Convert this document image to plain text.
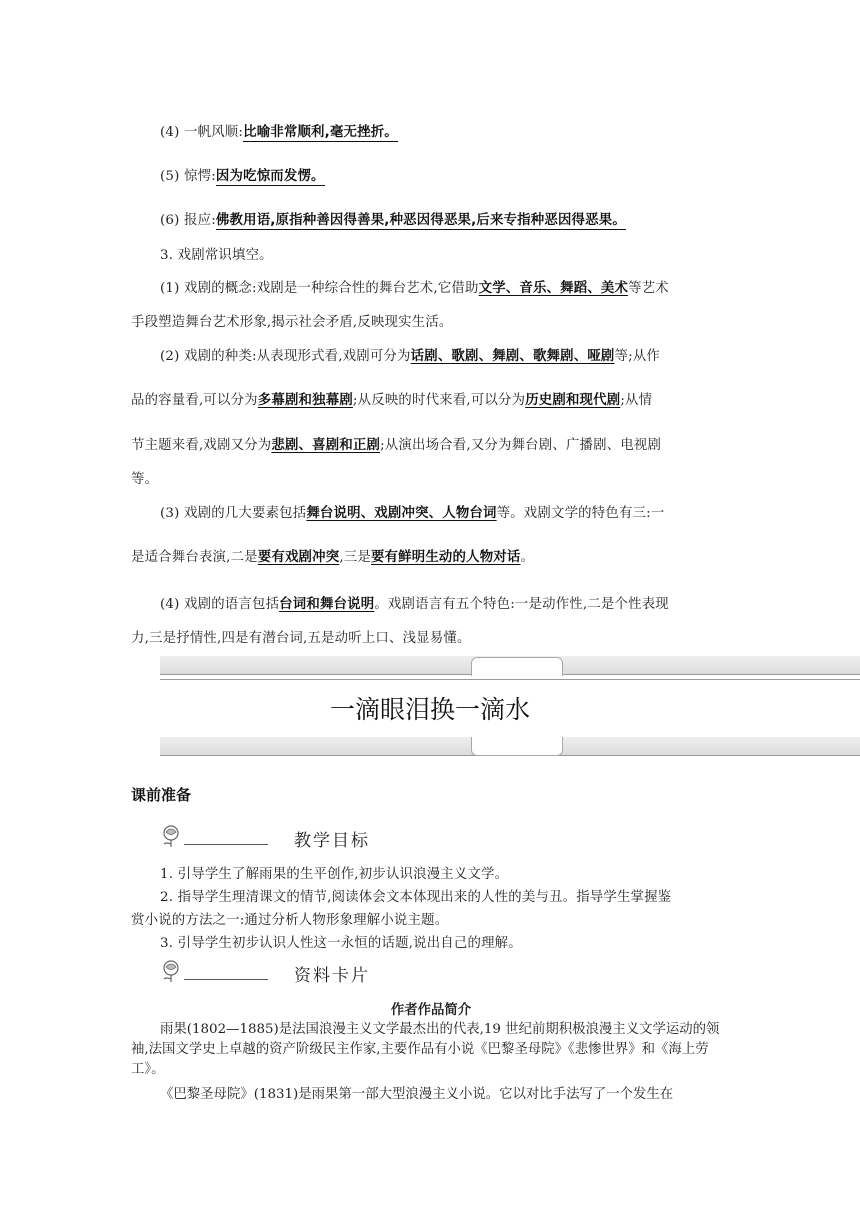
(4) 一帆风顺:比喻非常顺利,毫无挫折。
(5) 惊愕:因为吃惊而发愣。
(6) 报应:佛教用语,原指种善因得善果,种恶因得恶果,后来专指种恶因得恶果。
3. 戏剧常识填空。
(1) 戏剧的概念:戏剧是一种综合性的舞台艺术,它借助文学、音乐、舞蹈、美术等艺术
手段塑造舞台艺术形象,揭示社会矛盾,反映现实生活。
(2) 戏剧的种类:从表现形式看,戏剧可分为话剧、歌剧、舞剧、歌舞剧、哑剧等;从作
品的容量看,可以分为多幕剧和独幕剧;从反映的时代来看,可以分为历史剧和现代剧;从情
节主题来看,戏剧又分为悲剧、喜剧和正剧;从演出场合看,又分为舞台剧、广播剧、电视剧
等。
(3) 戏剧的几大要素包括舞台说明、戏剧冲突、人物台词等。戏剧文学的特色有三:一
是适合舞台表演,二是要有戏剧冲突,三是要有鲜明生动的人物对话。
(4) 戏剧的语言包括台词和舞台说明。戏剧语言有五个特色:一是动作性,二是个性表现
力,三是抒情性,四是有潜台词,五是动听上口、浅显易懂。
一滴眼泪换一滴水
课前准备
教学目标
1. 引导学生了解雨果的生平创作,初步认识浪漫主义文学。
2. 指导学生理清课文的情节,阅读体会文本体现出来的人性的美与丑。指导学生掌握鉴
赏小说的方法之一:通过分析人物形象理解小说主题。
3. 引导学生初步认识人性这一永恒的话题,说出自己的理解。
资料卡片
作者作品简介
雨果(1802—1885)是法国浪漫主义文学最杰出的代表,19 世纪前期积极浪漫主义文学运动的领袖,法国文学史上卓越的资产阶级民主作家,主要作品有小说《巴黎圣母院》《悲惨世界》和《海上劳工》。
《巴黎圣母院》(1831)是雨果第一部大型浪漫主义小说。它以对比手法写了一个发生在
